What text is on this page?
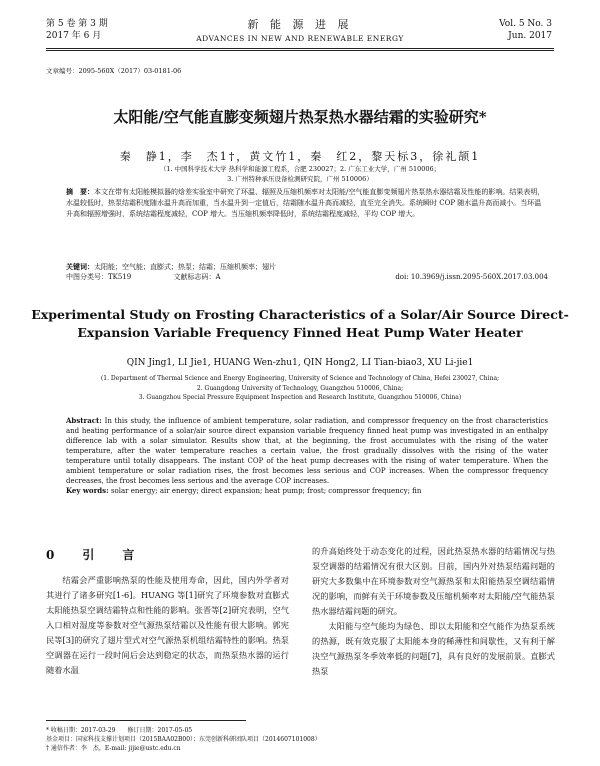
第 5 卷 第 3 期
2017 年 6 月
新 能 源 进 展
ADVANCES IN NEW AND RENEWABLE ENERGY
Vol. 5 No. 3
Jun. 2017
文章编号：2095-560X（2017）03-0181-06
太阳能/空气能直膨变频翅片热泵热水器结霜的实验研究*
秦　静1，李　杰1†，黄文竹1，秦　红2，黎天标3，徐礼颉1
（1. 中国科学技术大学 热科学和能源工程系，合肥 230027；2. 广东工业大学，广州 510006；
3. 广州特种承压设备检测研究院，广州 510006）
摘　要：本文在带有太阳能模拟器的焓差实验室中研究了环温、辐照及压缩机频率对太阳能/空气能直膨变频翅片热泵热水器结霜及性能的影响。结果表明，水温较低时，热泵结霜积度随水温升高而加重，当水温升到一定值后，结霜随水温升高而减轻，直至完全消失。系统瞬时 COP 随水温升高而减小。当环温升高和辐照增强时，系统结霜程度减轻，COP 增大。当压缩机频率降低时，系统结霜程度减轻，平均 COP 增大。
关键词：太阳能；空气能；直膨式；热泵；结霜；压缩机频率；翅片
中图分类号：TK519	文献标志码：A	doi: 10.3969/j.issn.2095-560X.2017.03.004
Experimental Study on Frosting Characteristics of a Solar/Air Source Direct-Expansion Variable Frequency Finned Heat Pump Water Heater
QIN Jing1, LI Jie1, HUANG Wen-zhu1, QIN Hong2, LI Tian-biao3, XU Li-jie1
(1. Department of Thermal Science and Energy Engineering, University of Science and Technology of China, Hefei 230027, China;
2. Guangdong University of Technology, Guangzhou 510006, China;
3. Guangzhou Special Pressure Equipment Inspection and Research Institute, Guangzhou 510006, China)
Abstract: In this study, the influence of ambient temperature, solar radiation, and compressor frequency on the frost characteristics and heating performance of a solar/air source direct expansion variable frequency finned heat pump was investigated in an enthalpy difference lab with a solar simulator. Results show that, at the beginning, the frost accumulates with the rising of the water temperature, after the water temperature reaches a certain value, the frost gradually dissolves with the rising of the water temperature until totally disappears. The instant COP of the heat pump decreases with the rising of water temperature. When the ambient temperature or solar radiation rises, the frost becomes less serious and COP increases. When the compressor frequency decreases, the frost becomes less serious and the average COP increases.
Key words: solar energy; air energy; direct expansion; heat pump; frost; compressor frequency; fin
0　引　言
结霜会严重影响热泵的性能及使用寿命，因此，国内外学者对其进行了诸多研究[1-6]。HUANG 等[1]研究了环境参数对直膨式太阳能热泵空调结霜特点和性能的影响。张晋等[2]研究表明，空气入口相对湿度等参数对空气源热泵结霜以及性能有很大影响。郭宪民等[3]的研究了翅片型式对空气源热泵机组结霜特性的影响。热泵空调器在运行一段时间后会达到稳定的状态，而热泵热水器的运行随着水温
的升高始终处于动态变化的过程，因此热泵热水器的结霜情况与热泵空调器的结霜情况有很大区别。目前，国内外对热泵结霜问题的研究大多数集中在环境参数对空气源热泵和太阳能热泵空调结霜情况的影响，而鲜有关于环境参数及压缩机频率对太阳能/空气能热泵热水器结霜问题的研究。
太阳能与空气能均为绿色、即以太阳能和空气能作为热泵系统的热源，既有效克服了太阳能本身的稀薄性和间歇性，又有利于解决空气源热泵冬季效率低的问题[7]，具有良好的发展前景。直膨式热泵
* 收稿日期：2017-03-29　　修订日期：2017-05-05
基金项目：国家科技支撑计划项目（2015BAA02B00）；东莞创新科研团队项目（2014607101008）
† 通信作者：李　杰，E-mail: jijie@ustc.edu.cn
